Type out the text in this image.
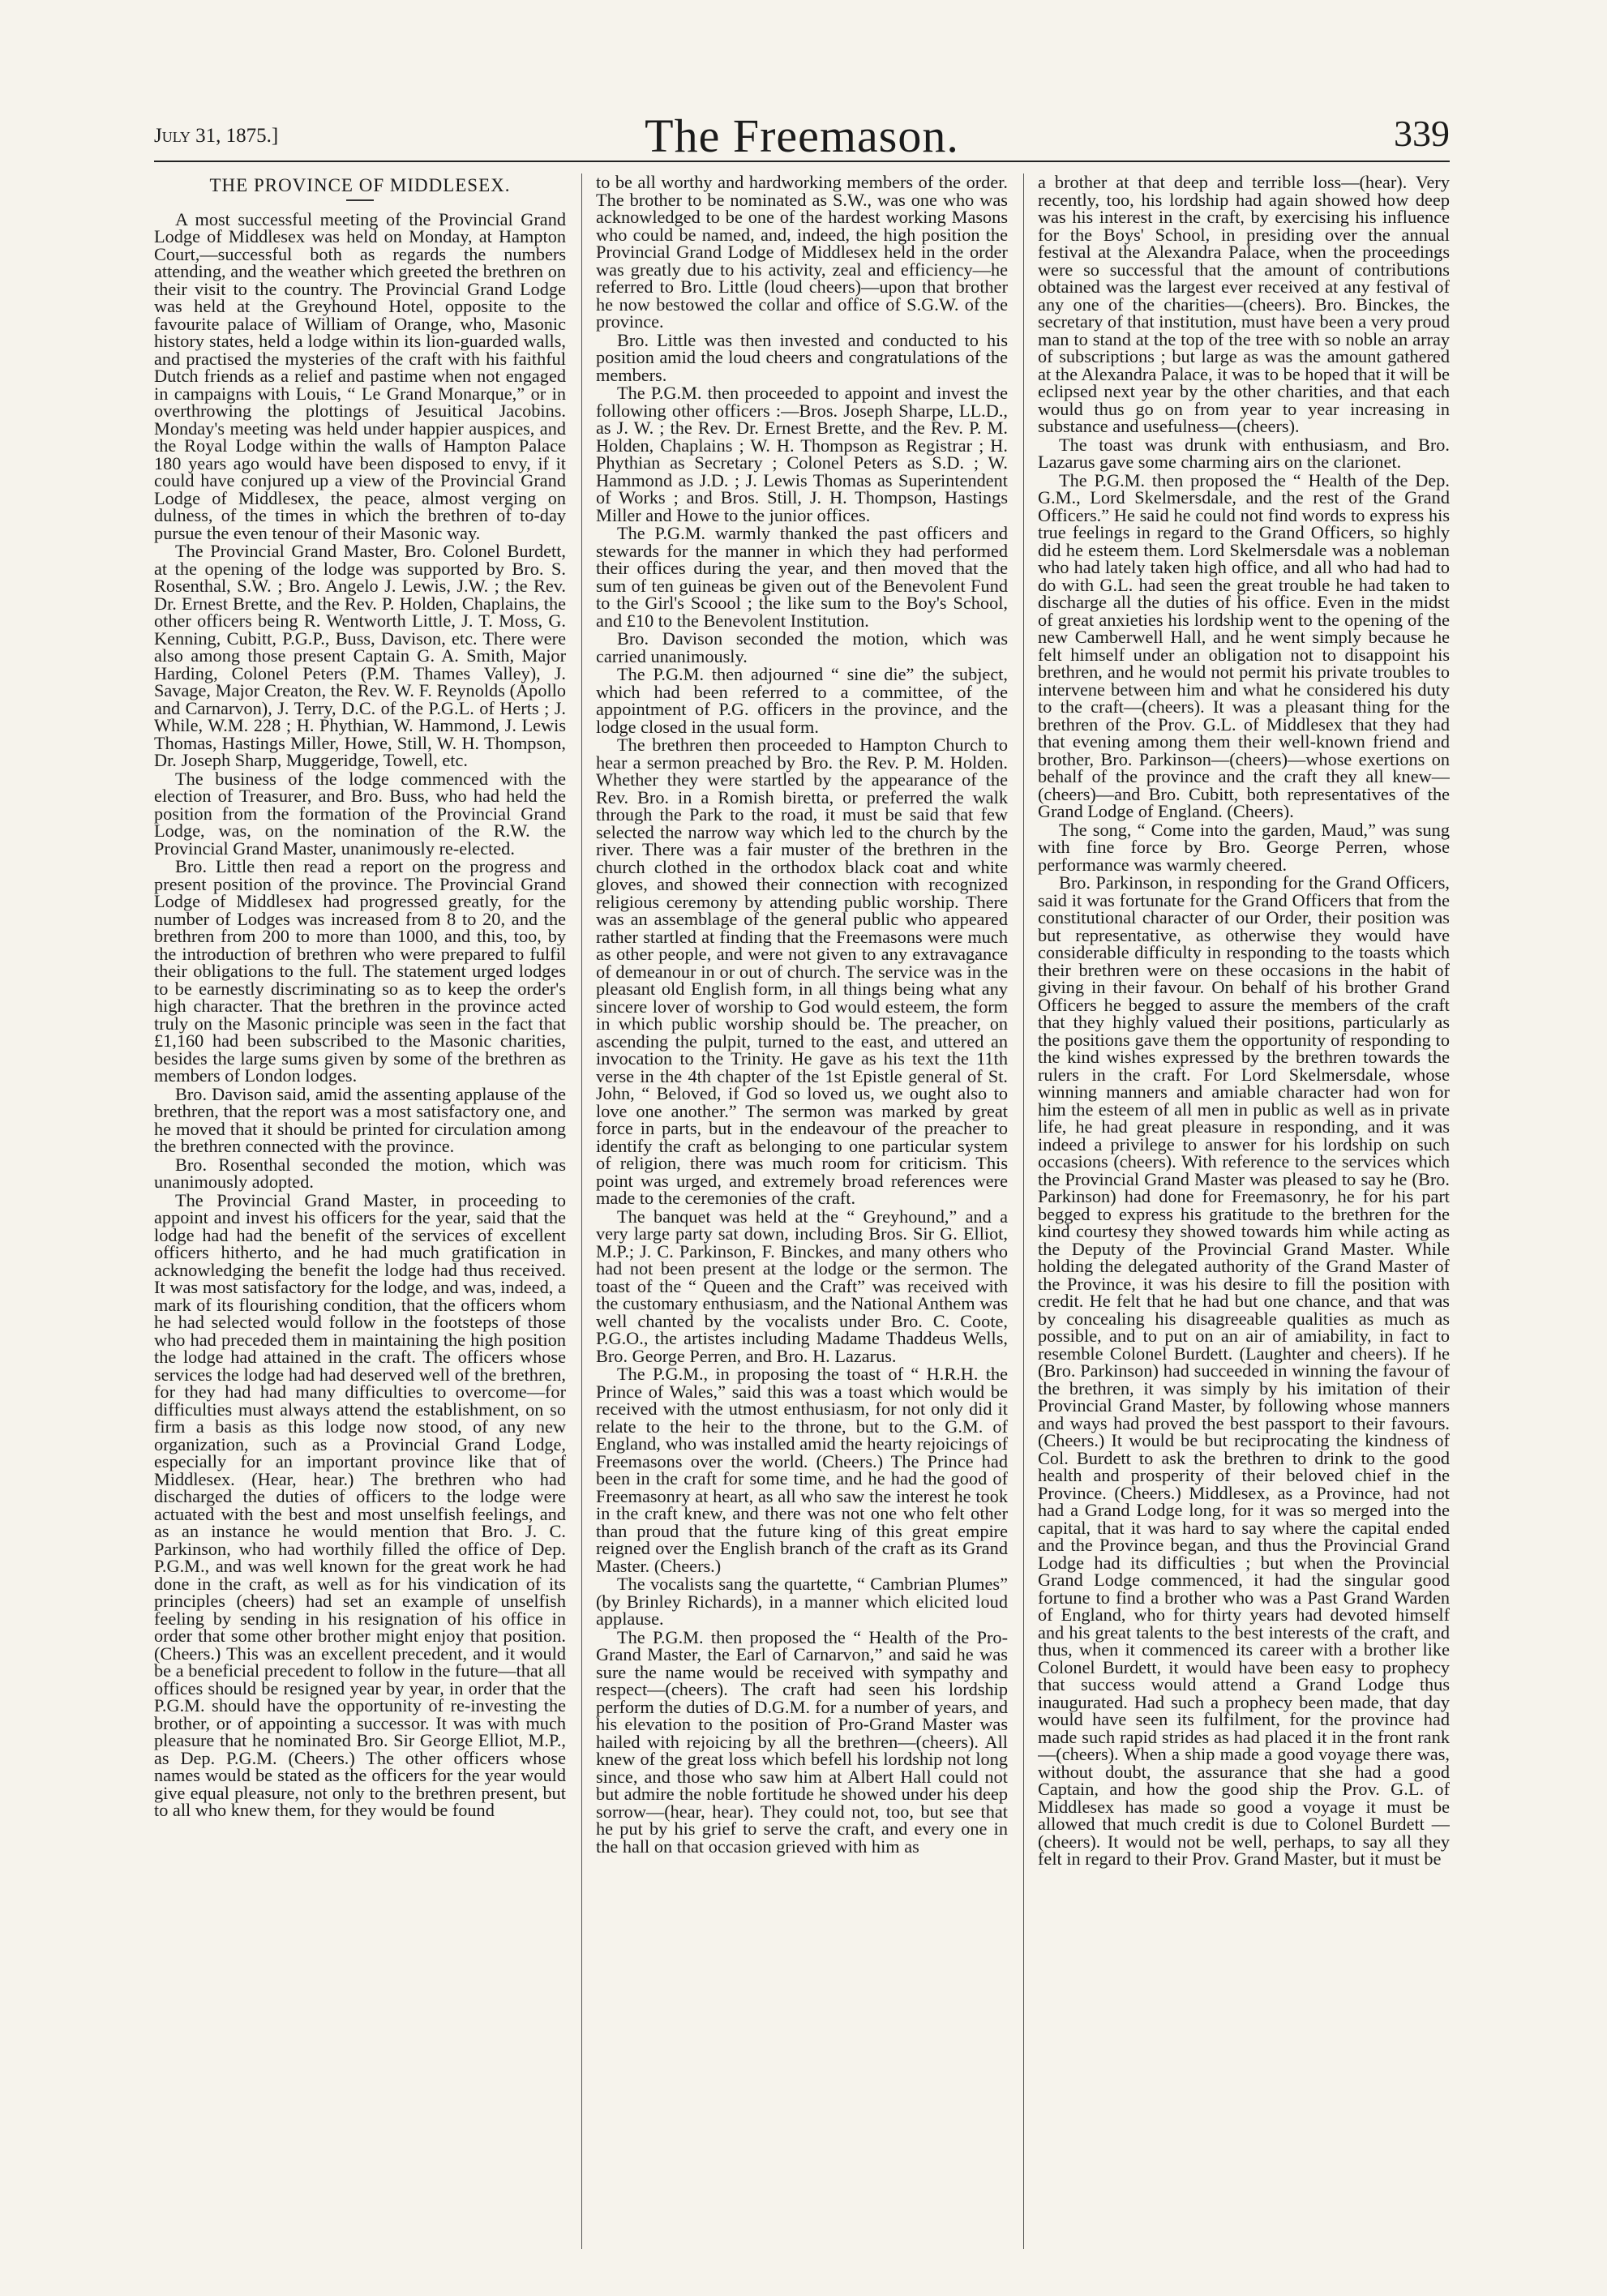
July 31, 1875.]	The Freemason.	339
THE PROVINCE OF MIDDLESEX.

A most successful meeting of the Provincial Grand Lodge of Middlesex was held on Monday, at Hampton Court,—successful both as regards the numbers attending, and the weather which greeted the brethren on their visit to the country. The Provincial Grand Lodge was held at the Greyhound Hotel, opposite to the favourite palace of William of Orange, who, Masonic history states, held a lodge within its lion-guarded walls, and practised the mysteries of the craft with his faithful Dutch friends as a relief and pastime when not engaged in campaigns with Louis, “ Le Grand Monarque,” or in overthrowing the plottings of Jesuitical Jacobins. Monday's meeting was held under happier auspices, and the Royal Lodge within the walls of Hampton Palace 180 years ago would have been disposed to envy, if it could have conjured up a view of the Provincial Grand Lodge of Middlesex, the peace, almost verging on dulness, of the times in which the brethren of to-day pursue the even tenour of their Masonic way.

The Provincial Grand Master, Bro. Colonel Burdett, at the opening of the lodge was supported by Bro. S. Rosenthal, S.W. ; Bro. Angelo J. Lewis, J.W. ; the Rev. Dr. Ernest Brette, and the Rev. P. Holden, Chaplains, the other officers being R. Wentworth Little, J. T. Moss, G. Kenning, Cubitt, P.G.P., Buss, Davison, etc. There were also among those present Captain G. A. Smith, Major Harding, Colonel Peters (P.M. Thames Valley), J. Savage, Major Creaton, the Rev. W. F. Reynolds (Apollo and Carnarvon), J. Terry, D.C. of the P.G.L. of Herts ; J. While, W.M. 228 ; H. Phythian, W. Hammond, J. Lewis Thomas, Hastings Miller, Howe, Still, W. H. Thompson, Dr. Joseph Sharp, Muggeridge, Towell, etc.

The business of the lodge commenced with the election of Treasurer, and Bro. Buss, who had held the position from the formation of the Provincial Grand Lodge, was, on the nomination of the R.W. the Provincial Grand Master, unanimously re-elected.

Bro. Little then read a report on the progress and present position of the province. The Provincial Grand Lodge of Middlesex had progressed greatly, for the number of Lodges was increased from 8 to 20, and the brethren from 200 to more than 1000, and this, too, by the introduction of brethren who were prepared to fulfil their obligations to the full. The statement urged lodges to be earnestly discriminating so as to keep the order's high character. That the brethren in the province acted truly on the Masonic principle was seen in the fact that £1,160 had been subscribed to the Masonic charities, besides the large sums given by some of the brethren as members of London lodges.

Bro. Davison said, amid the assenting applause of the brethren, that the report was a most satisfactory one, and he moved that it should be printed for circulation among the brethren connected with the province.

Bro. Rosenthal seconded the motion, which was unanimously adopted.

The Provincial Grand Master, in proceeding to appoint and invest his officers for the year, said that the lodge had had the benefit of the services of excellent officers hitherto, and he had much gratification in acknowledging the benefit the lodge had thus received. It was most satisfactory for the lodge, and was, indeed, a mark of its flourishing condition, that the officers whom he had selected would follow in the footsteps of those who had preceded them in maintaining the high position the lodge had attained in the craft. The officers whose services the lodge had had deserved well of the brethren, for they had had many difficulties to overcome—for difficulties must always attend the establishment, on so firm a basis as this lodge now stood, of any new organization, such as a Provincial Grand Lodge, especially for an important province like that of Middlesex. (Hear, hear.) The brethren who had discharged the duties of officers to the lodge were actuated with the best and most unselfish feelings, and as an instance he would mention that Bro. J. C. Parkinson, who had worthily filled the office of Dep. P.G.M., and was well known for the great work he had done in the craft, as well as for his vindication of its principles (cheers) had set an example of unselfish feeling by sending in his resignation of his office in order that some other brother might enjoy that position. (Cheers.) This was an excellent precedent, and it would be a beneficial precedent to follow in the future—that all offices should be resigned year by year, in order that the P.G.M. should have the opportunity of re-investing the brother, or of appointing a successor. It was with much pleasure that he nominated Bro. Sir George Elliot, M.P., as Dep. P.G.M. (Cheers.) The other officers whose names would be stated as the officers for the year would give equal pleasure, not only to the brethren present, but to all who knew them, for they would be found

to be all worthy and hardworking members of the order. The brother to be nominated as S.W., was one who was acknowledged to be one of the hardest working Masons who could be named, and, indeed, the high position the Provincial Grand Lodge of Middlesex held in the order was greatly due to his activity, zeal and efficiency—he referred to Bro. Little (loud cheers)—upon that brother he now bestowed the collar and office of S.G.W. of the province.

Bro. Little was then invested and conducted to his position amid the loud cheers and congratulations of the members.

The P.G.M. then proceeded to appoint and invest the following other officers :—Bros. Joseph Sharpe, LL.D., as J. W. ; the Rev. Dr. Ernest Brette, and the Rev. P. M. Holden, Chaplains ; W. H. Thompson as Registrar ; H. Phythian as Secretary ; Colonel Peters as S.D. ; W. Hammond as J.D. ; J. Lewis Thomas as Superintendent of Works ; and Bros. Still, J. H. Thompson, Hastings Miller and Howe to the junior offices.

The P.G.M. warmly thanked the past officers and stewards for the manner in which they had performed their offices during the year, and then moved that the sum of ten guineas be given out of the Benevolent Fund to the Girl's Scoool ; the like sum to the Boy's School, and £10 to the Benevolent Institution.

Bro. Davison seconded the motion, which was carried unanimously.

The P.G.M. then adjourned “ sine die” the subject, which had been referred to a committee, of the appointment of P.G. officers in the province, and the lodge closed in the usual form.

The brethren then proceeded to Hampton Church to hear a sermon preached by Bro. the Rev. P. M. Holden. Whether they were startled by the appearance of the Rev. Bro. in a Romish biretta, or preferred the walk through the Park to the road, it must be said that few selected the narrow way which led to the church by the river. There was a fair muster of the brethren in the church clothed in the orthodox black coat and white gloves, and showed their connection with recognized religious ceremony by attending public worship. There was an assemblage of the general public who appeared rather startled at finding that the Freemasons were much as other people, and were not given to any extravagance of demeanour in or out of church. The service was in the pleasant old English form, in all things being what any sincere lover of worship to God would esteem, the form in which public worship should be. The preacher, on ascending the pulpit, turned to the east, and uttered an invocation to the Trinity. He gave as his text the 11th verse in the 4th chapter of the 1st Epistle general of St. John, “ Beloved, if God so loved us, we ought also to love one another.” The sermon was marked by great force in parts, but in the endeavour of the preacher to identify the craft as belonging to one particular system of religion, there was much room for criticism. This point was urged, and extremely broad references were made to the ceremonies of the craft.

The banquet was held at the “ Greyhound,” and a very large party sat down, including Bros. Sir G. Elliot, M.P.; J. C. Parkinson, F. Binckes, and many others who had not been present at the lodge or the sermon. The toast of the “ Queen and the Craft” was received with the customary enthusiasm, and the National Anthem was well chanted by the vocalists under Bro. C. Coote, P.G.O., the artistes including Madame Thaddeus Wells, Bro. George Perren, and Bro. H. Lazarus.

The P.G.M., in proposing the toast of “ H.R.H. the Prince of Wales,” said this was a toast which would be received with the utmost enthusiasm, for not only did it relate to the heir to the throne, but to the G.M. of England, who was installed amid the hearty rejoicings of Freemasons over the world. (Cheers.) The Prince had been in the craft for some time, and he had the good of Freemasonry at heart, as all who saw the interest he took in the craft knew, and there was not one who felt other than proud that the future king of this great empire reigned over the English branch of the craft as its Grand Master. (Cheers.)

The vocalists sang the quartette, “ Cambrian Plumes” (by Brinley Richards), in a manner which elicited loud applause.

The P.G.M. then proposed the “ Health of the Pro-Grand Master, the Earl of Carnarvon,” and said he was sure the name would be received with sympathy and respect—(cheers). The craft had seen his lordship perform the duties of D.G.M. for a number of years, and his elevation to the position of Pro-Grand Master was hailed with rejoicing by all the brethren—(cheers). All knew of the great loss which befell his lordship not long since, and those who saw him at Albert Hall could not but admire the noble fortitude he showed under his deep sorrow—(hear, hear). They could not, too, but see that he put by his grief to serve the craft, and every one in the hall on that occasion grieved with him as

a brother at that deep and terrible loss—(hear). Very recently, too, his lordship had again showed how deep was his interest in the craft, by exercising his influence for the Boys' School, in presiding over the annual festival at the Alexandra Palace, when the proceedings were so successful that the amount of contributions obtained was the largest ever received at any festival of any one of the charities—(cheers). Bro. Binckes, the secretary of that institution, must have been a very proud man to stand at the top of the tree with so noble an array of subscriptions ; but large as was the amount gathered at the Alexandra Palace, it was to be hoped that it will be eclipsed next year by the other charities, and that each would thus go on from year to year increasing in substance and usefulness—(cheers).

The toast was drunk with enthusiasm, and Bro. Lazarus gave some charming airs on the clarionet.

The P.G.M. then proposed the “ Health of the Dep. G.M., Lord Skelmersdale, and the rest of the Grand Officers.” He said he could not find words to express his true feelings in regard to the Grand Officers, so highly did he esteem them. Lord Skelmersdale was a nobleman who had lately taken high office, and all who had had to do with G.L. had seen the great trouble he had taken to discharge all the duties of his office. Even in the midst of great anxieties his lordship went to the opening of the new Camberwell Hall, and he went simply because he felt himself under an obligation not to disappoint his brethren, and he would not permit his private troubles to intervene between him and what he considered his duty to the craft—(cheers). It was a pleasant thing for the brethren of the Prov. G.L. of Middlesex that they had that evening among them their well-known friend and brother, Bro. Parkinson—(cheers)—whose exertions on behalf of the province and the craft they all knew—(cheers)—and Bro. Cubitt, both representatives of the Grand Lodge of England. (Cheers).

The song, “ Come into the garden, Maud,” was sung with fine force by Bro. George Perren, whose performance was warmly cheered.

Bro. Parkinson, in responding for the Grand Officers, said it was fortunate for the Grand Officers that from the constitutional character of our Order, their position was but representative, as otherwise they would have considerable difficulty in responding to the toasts which their brethren were on these occasions in the habit of giving in their favour. On behalf of his brother Grand Officers he begged to assure the members of the craft that they highly valued their positions, particularly as the positions gave them the opportunity of responding to the kind wishes expressed by the brethren towards the rulers in the craft. For Lord Skelmersdale, whose winning manners and amiable character had won for him the esteem of all men in public as well as in private life, he had great pleasure in responding, and it was indeed a privilege to answer for his lordship on such occasions (cheers). With reference to the services which the Provincial Grand Master was pleased to say he (Bro. Parkinson) had done for Freemasonry, he for his part begged to express his gratitude to the brethren for the kind courtesy they showed towards him while acting as the Deputy of the Provincial Grand Master. While holding the delegated authority of the Grand Master of the Province, it was his desire to fill the position with credit. He felt that he had but one chance, and that was by concealing his disagreeable qualities as much as possible, and to put on an air of amiability, in fact to resemble Colonel Burdett. (Laughter and cheers). If he (Bro. Parkinson) had succeeded in winning the favour of the brethren, it was simply by his imitation of their Provincial Grand Master, by following whose manners and ways had proved the best passport to their favours. (Cheers.) It would be but reciprocating the kindness of Col. Burdett to ask the brethren to drink to the good health and prosperity of their beloved chief in the Province. (Cheers.) Middlesex, as a Province, had not had a Grand Lodge long, for it was so merged into the capital, that it was hard to say where the capital ended and the Province began, and thus the Provincial Grand Lodge had its difficulties ; but when the Provincial Grand Lodge commenced, it had the singular good fortune to find a brother who was a Past Grand Warden of England, who for thirty years had devoted himself and his great talents to the best interests of the craft, and thus, when it commenced its career with a brother like Colonel Burdett, it would have been easy to prophecy that success would attend a Grand Lodge thus inaugurated. Had such a prophecy been made, that day would have seen its fulfilment, for the province had made such rapid strides as had placed it in the front rank—(cheers). When a ship made a good voyage there was, without doubt, the assurance that she had a good Captain, and how the good ship the Prov. G.L. of Middlesex has made so good a voyage it must be allowed that much credit is due to Colonel Burdett — (cheers). It would not be well, perhaps, to say all they felt in regard to their Prov. Grand Master, but it must be
